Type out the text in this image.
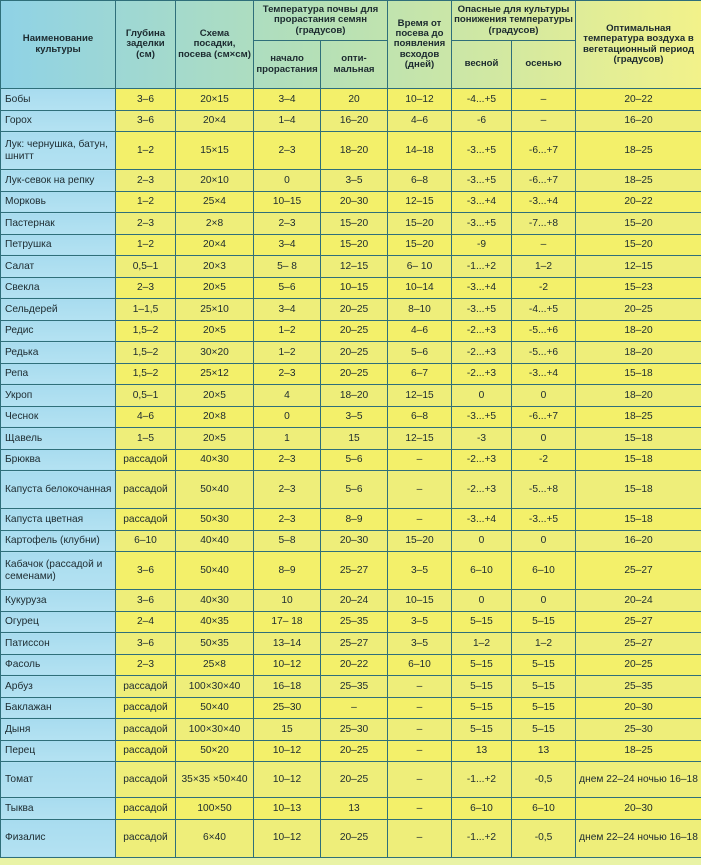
Наименование культуры	Глубина заделки (см)	Схема посадки, посева (см×см)	Температура почвы для прорастания семян (градусов)		Время от посева до появления всходов (дней)	Опасные для культуры понижения температуры (градусов)		Оптимальная температура воздуха в вегетационный период (градусов)
			начало прорастания	опти-мальная		весной	осенью	
Бобы	3–6	20×15	3–4	20	10–12	-4...+5	–	20–22
Горох	3–6	20×4	1–4	16–20	4–6	-6	–	16–20
Лук: чернушка, батун, шнитт	1–2	15×15	2–3	18–20	14–18	-3...+5	-6...+7	18–25
Лук-севок на репку	2–3	20×10	0	3–5	6–8	-3...+5	-6...+7	18–25
Морковь	1–2	25×4	10–15	20–30	12–15	-3...+4	-3...+4	20–22
Пастернак	2–3	2×8	2–3	15–20	15–20	-3...+5	-7...+8	15–20
Петрушка	1–2	20×4	3–4	15–20	15–20	-9	–	15–20
Салат	0,5–1	20×3	5– 8	12–15	6– 10	-1...+2	1–2	12–15
Свекла	2–3	20×5	5–6	10–15	10–14	-3...+4	-2	15–23
Сельдерей	1–1,5	25×10	3–4	20–25	8–10	-3...+5	-4...+5	20–25
Редис	1,5–2	20×5	1–2	20–25	4–6	-2...+3	-5...+6	18–20
Редька	1,5–2	30×20	1–2	20–25	5–6	-2...+3	-5...+6	18–20
Репа	1,5–2	25×12	2–3	20–25	6–7	-2...+3	-3...+4	15–18
Укроп	0,5–1	20×5	4	18–20	12–15	0	0	18–20
Чеснок	4–6	20×8	0	3–5	6–8	-3...+5	-6...+7	18–25
Щавель	1–5	20×5	1	15	12–15	-3	0	15–18
Брюква	рассадой	40×30	2–3	5–6	–	-2...+3	-2	15–18
Капуста белокочанная	рассадой	50×40	2–3	5–6	–	-2...+3	-5...+8	15–18
Капуста цветная	рассадой	50×30	2–3	8–9	–	-3...+4	-3...+5	15–18
Картофель (клубни)	6–10	40×40	5–8	20–30	15–20	0	0	16–20
Кабачок (рассадой и семенами)	3–6	50×40	8–9	25–27	3–5	6–10	6–10	25–27
Кукуруза	3–6	40×30	10	20–24	10–15	0	0	20–24
Огурец	2–4	40×35	17– 18	25–35	3–5	5–15	5–15	25–27
Патиссон	3–6	50×35	13–14	25–27	3–5	1–2	1–2	25–27
Фасоль	2–3	25×8	10–12	20–22	6–10	5–15	5–15	20–25
Арбуз	рассадой	100×30×40	16–18	25–35	–	5–15	5–15	25–35
Баклажан	рассадой	50×40	25–30	–	–	5–15	5–15	20–30
Дыня	рассадой	100×30×40	15	25–30	–	5–15	5–15	25–30
Перец	рассадой	50×20	10–12	20–25	–	13	13	18–25
Томат	рассадой	35×35 ×50×40	10–12	20–25	–	-1...+2	-0,5	днем 22–24 ночью 16–18
Тыква	рассадой	100×50	10–13	13	–	6–10	6–10	20–30
Физалис	рассадой	6×40	10–12	20–25	–	-1...+2	-0,5	днем 22–24 ночью 16–18
